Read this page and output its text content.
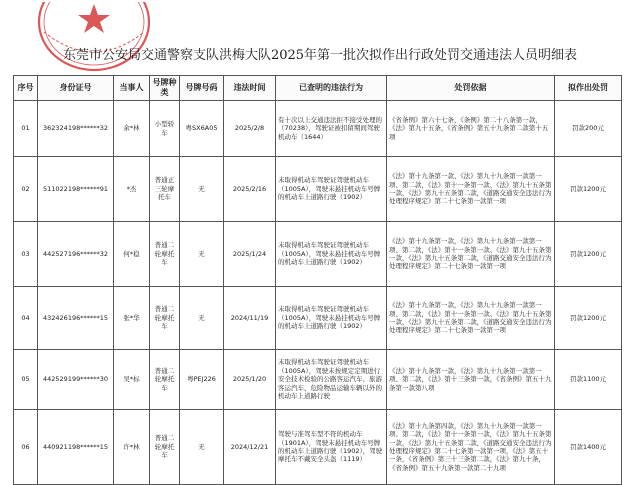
东莞市公安局交通警察支队洪梅大队2025年第一批次拟作出行政处罚交通违法人员明细表
序号	身份证号	当事人	号牌种类	号牌号码	违法时间	已查明的违法行为	处罚依据	拟作出处罚
01	362324198******32	余*林	小型轿车	粤SX6A05	2025/2/8	有十次以上交通违法拒不接受处理的（70238），驾驶证被扣留期间驾驶机动车（1644）	《省条例》第六十七条，《条例》第二十八条第一款，《法》第九十五条，《省条例》第五十九条第二款第十五项	罚款200元
02	511022198******91	*杰	普通正三轮摩托车	无	2025/2/16	未取得机动车驾驶证驾驶机动车（1005A），驾驶未悬挂机动车号牌的机动车上道路行驶（1902）	《法》第十九条第一款、《法》第九十九条第一款第一项、第二款，《法》第十一条第一款、《法》第九十五条第一款，《法》第九十五条第二款，《道路交通安全违法行为处理程序规定》第二十七条第一款第一项	罚款1200元
03	442527196******32	何*稳	普通二轮摩托车	无	2025/1/24	未取得机动车驾驶证驾驶机动车（1005A），驾驶未悬挂机动车号牌的机动车上道路行驶（1902）	《法》第十九条第一款，《法》第九十九条第一款第一项、第二款，《法》第十一条第一款、《法》第九十五条第一款，《法》第九十五条第二款，《道路交通安全违法行为处理程序规定》第二十七条第一款第一项	罚款1200元
04	432426196******15	张*华	普通二轮摩托车	无	2024/11/19	未取得机动车驾驶证驾驶机动车（1005A），驾驶未悬挂机动车号牌的机动车上道路行驶（1902）	《法》第十九条第一款，《法》第九十九条第一款第一项、第二款，《法》第十一条第一款、《法》第九十五条第一款，《法》第九十五条第二款，《道路交通安全违法行为处理程序规定》第二十七条第一款第一项	罚款1200元
05	442529199******30	吴*标	普通二轮摩托车	粤PEJ226	2025/1/20	未取得机动车驾驶证驾驶机动车（1005A），驾驶未按规定定期进行安全技术检验的公路客运汽车、旅游客运汽车、危险物品运输车辆以外的机动车上道路行驶	《法》第十九条第一款，《法》第九十九条第一款第一项、第二款，《法》第十三条第一款，《省条例》第五十九条第一款第八项	罚款1100元
06	440921198******15	许*林	普通二轮摩托车	无	2024/12/21	驾驶与准驾车型不符的机动车（1901A），驾驶未悬挂机动车号牌的机动车上道路行驶（1902），驾驶摩托车不戴安全头盔（1119）	《法》第十九条第四款，《法》第九十九条第一款第一项、第二款，《法》第十一条第一款，《法》第九十五条第一款，《法》第九十五条第二款，《道路交通安全违法行为处理程序规定》第二十七条第一款第一项，《法》第五十一条，《省条例》第三十三条第二款，《法》第九十条，《省条例》第五十九条第一款第二十九项	罚款1400元
